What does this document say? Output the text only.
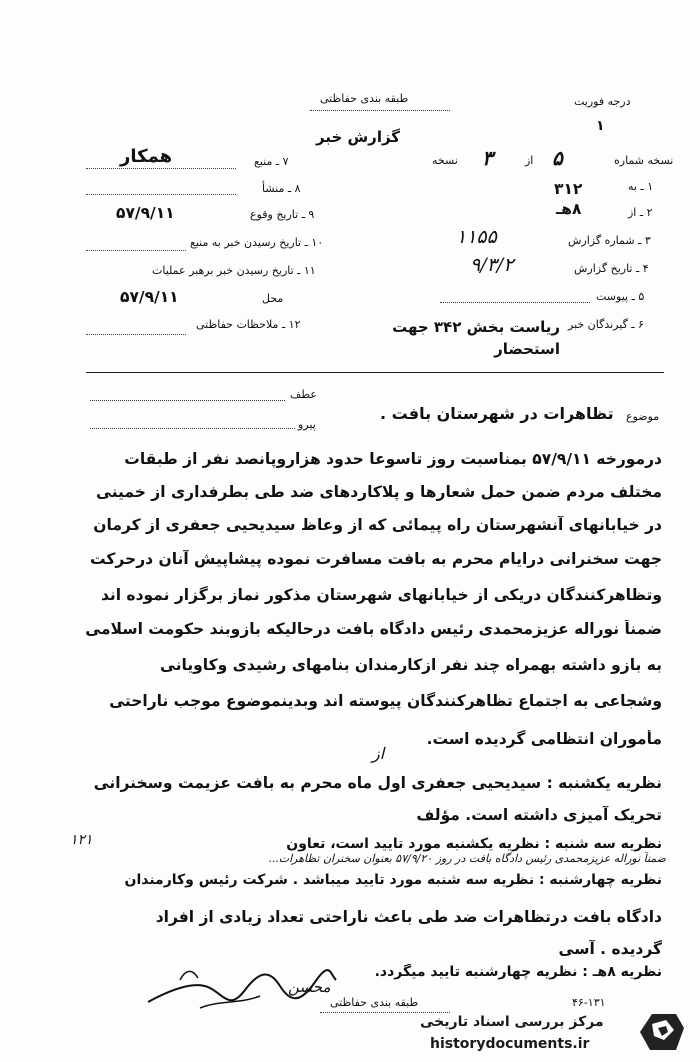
درجه فوریت
طبقه بندی حفاظتی
۱
گزارش خبر
نسخه شماره
۵
از
۳
نسخه
۱ ـ به
۳۱۲
۲ ـ از
۸هـ
۳ ـ شماره گزارش
۱۱۵۵
۴ ـ تاریخ گزارش
۹/۳/۲
۵ ـ پیوست
۶ ـ گیرندگان خبر
ریاست بخش ۳۴۲ جهت استحضار
همکار	۷ ـ منبع
۸ ـ منشأ
۵۷/۹/۱۱	۹ ـ تاریخ وقوع
۱۰ ـ تاریخ رسیدن خبر به منبع
۱۱ ـ تاریخ رسیدن خبر برهبر عملیات
۵۷/۹/۱۱	محل
۱۲ ـ ملاحظات حفاظتی
عطف
پیرو
موضوع
تظاهرات در شهرستان بافت .
درمورخه ۵۷/۹/۱۱ بمناسبت روز تاسوعا حدود هزاروپانصد نفر از طبقات
مختلف مردم ضمن حمل شعارها و پلاکاردهای ضد طی بطرفداری از خمینی
در خیابانهای آنشهرستان راه پیمائی که از وعاظ سیدیحیی جعفری از کرمان
جهت سخنرانی درایام محرم به بافت مسافرت نموده پیشاپیش آنان درحرکت
وتظاهرکنندگان دریکی از خیابانهای شهرستان مذکور نماز برگزار نموده اند
ضمناً نوراله عزیزمحمدی رئیس دادگاه بافت درحالیکه بازوبند حکومت اسلامی
به بازو داشته بهمراه چند نفر ازکارمندان بنامهای رشیدی وکاویانی
وشجاعی به اجتماع تظاهرکنندگان پیوسته اند وبدینموضوع موجب ناراحتی
مأموران انتظامی گردیده است.
از
نظریه یکشنبه : سیدیحیی جعفری اول ماه محرم به بافت عزیمت وسخنرانی
تحریک آمیزی داشته است. مؤلف
نظریه سه شنبه : نظریه یکشنبه مورد تایید است، تعاون
ضمناً نوراله عزیزمحمدی رئیس دادگاه بافت در روز ۵۷/۹/۲۰ بعنوان سخنران تظاهرات...
۱۲۱
نظریه چهارشنبه : نظریه سه شنبه مورد تایید میباشد . شرکت رئیس وکارمندان
دادگاه بافت درتظاهرات ضد طی باعث ناراحتی تعداد زیادی از افراد
گردیده . آسی
نظریه ۸هـ : نظریه چهارشنبه تایید میگردد.
محسن
۴۶-۱۳۱
طبقه بندی حفاظتی
مرکز بررسی اسناد تاریخی
historydocuments.ir
